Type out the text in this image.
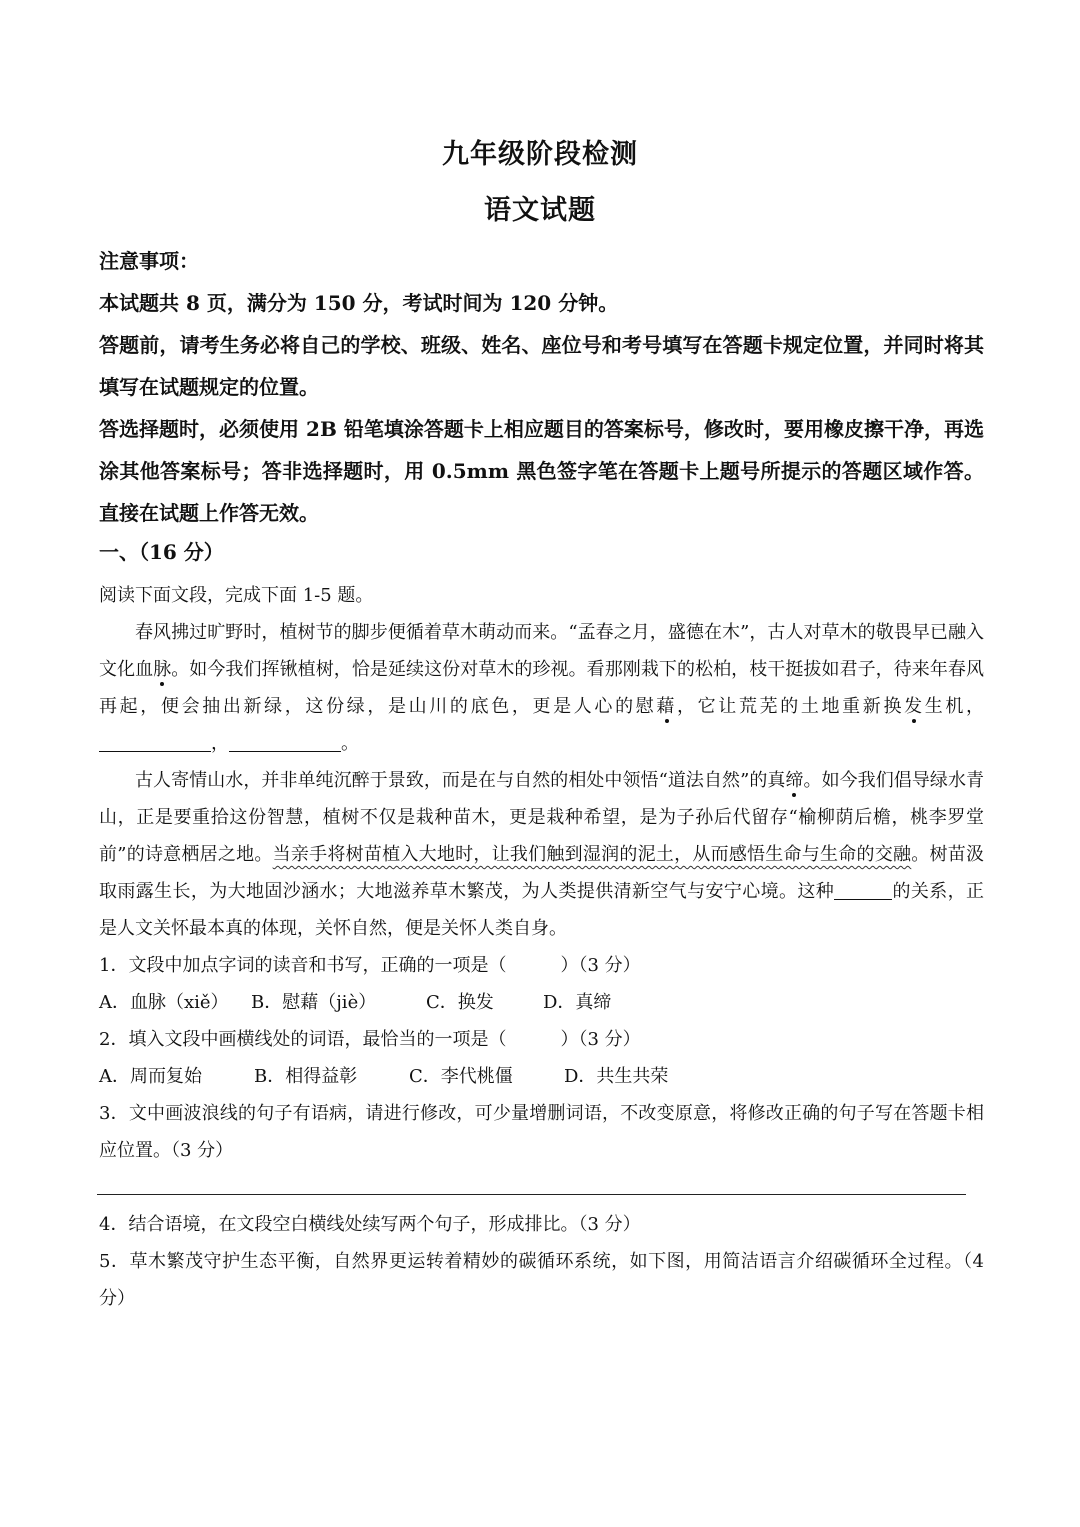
九年级阶段检测
语文试题
注意事项：

本试题共 8 页，满分为 150 分，考试时间为 120 分钟。

答题前，请考生务必将自己的学校、班级、姓名、座位号和考号填写在答题卡规定位置，并同时将其填写在试题规定的位置。

答选择题时，必须使用 2B 铅笔填涂答题卡上相应题目的答案标号，修改时，要用橡皮擦干净，再选涂其他答案标号；答非选择题时，用 0.5mm 黑色签字笔在答题卡上题号所提示的答题区域作答。直接在试题上作答无效。

一、（16 分）
阅读下面文段，完成下面 1-5 题。

春风拂过旷野时，植树节的脚步便循着草木萌动而来。“孟春之月，盛德在木”，古人对草木的敬畏早已融入文化血脉。如今我们挥锹植树，恰是延续这份对草木的珍视。看那刚栽下的松柏，枝干挺拔如君子，待来年春风再起，便会抽出新绿，这份绿，是山川的底色，更是人心的慰藉，它让荒芜的土地重新换发生机，，	。

古人寄情山水，并非单纯沉醉于景致，而是在与自然的相处中领悟“道法自然”的真缔。如今我们倡导绿水青山，正是要重拾这份智慧，植树不仅是栽种苗木，更是栽种希望，是为子孙后代留存“榆柳荫后檐，桃李罗堂前”的诗意栖居之地。当亲手将树苗植入大地时，让我们触到湿润的泥土，从而感悟生命与生命的交融。树苗汲取雨露生长，为大地固沙涵水；大地滋养草木繁茂，为人类提供清新空气与安宁心境。这种	的关系，正是人文关怀最本真的体现，关怀自然，便是关怀人类自身。

1．文段中加点字词的读音和书写，正确的一项是（　　　）（3 分）

A．血脉（xiě） B．慰藉（jiè）	C．换发	D．真缔

2．填入文段中画横线处的词语，最恰当的一项是（　　　）（3 分）

A．周而复始	B．相得益彰	C．李代桃僵	D．共生共荣

3．文中画波浪线的句子有语病，请进行修改，可少量增删词语，不改变原意，将修改正确的句子写在答题卡相应位置。（3 分）

4．结合语境，在文段空白横线处续写两个句子，形成排比。（3 分）

5．草木繁茂守护生态平衡，自然界更运转着精妙的碳循环系统，如下图，用简洁语言介绍碳循环全过程。（4 分）
